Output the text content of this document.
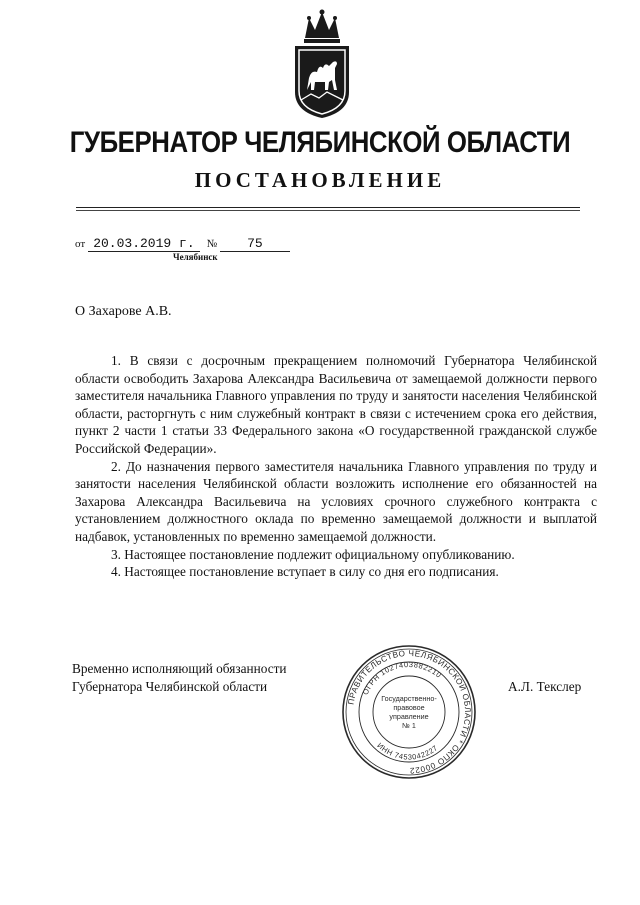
ГУБЕРНАТОР ЧЕЛЯБИНСКОЙ ОБЛАСТИ
ПОСТАНОВЛЕНИЕ
от 20.03.2019 г. № 75
Челябинск
О Захарове А.В.

1. В связи с досрочным прекращением полномочий Губернатора Челябинской области освободить Захарова Александра Васильевича от замещаемой должности первого заместителя начальника Главного управления по труду и занятости населения Челябинской области, расторгнуть с ним служебный контракт в связи с истечением срока его действия, пункт 2 части 1 статьи 33 Федерального закона «О государственной гражданской службе Российской Федерации».

2. До назначения первого заместителя начальника Главного управления по труду и занятости населения Челябинской области возложить исполнение его обязанностей на Захарова Александра Васильевича на условиях срочного служебного контракта с установлением должностного оклада по временно замещаемой должности и выплатой надбавок, установленных по временно замещаемой должности.

3. Настоящее постановление подлежит официальному опубликованию.

4. Настоящее постановление вступает в силу со дня его подписания.

Временно исполняющий обязанности
Губернатора Челябинской области	А.Л. Текслер
ПРАВИТЕЛЬСТВО ЧЕЛЯБИНСКОЙ ОБЛАСТИ * ОКПО 00022
ОГРН 1027403882210
ИНН 7453042227
Государственно-
правовое
управление
№ 1
